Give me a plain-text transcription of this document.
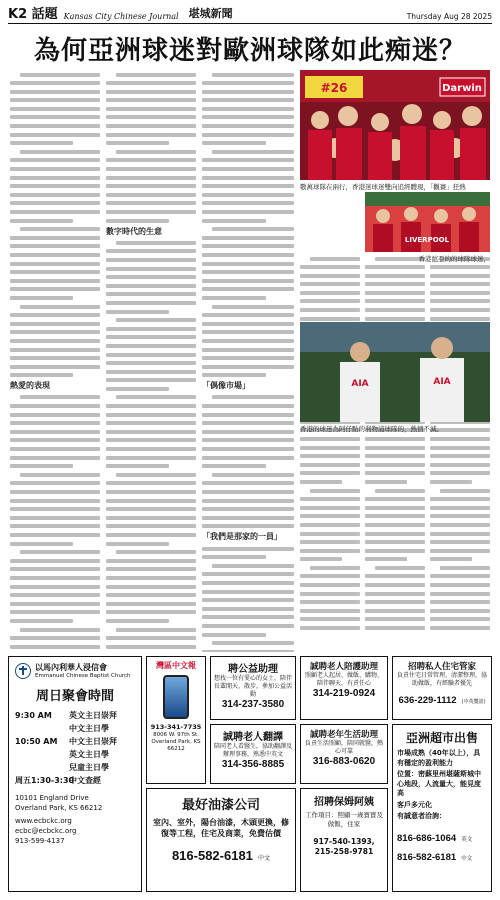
K2 話題 Kansas City Chinese Journal 堪城新聞	Thursday Aug 28 2025
為何亞洲球迷對歐洲球隊如此痴迷？
熱愛的表現
數字時代的生意
「偶像市場」
「我們是那家的一員」
#26	Darwin
數萬球隊在兩行，香港迷球迷雙向追經體現，「觀賽」狂熱
LIVERPOOL
香港滬亞的的球隊球迷，
AIA	AIA
香港的球迷為阿仔點的利物浦球隊的，熱情不減。
以馬內利華人浸信會
Emmanuel Chinese Baptist Church
周日聚會時間
9:30 AM	英文主日崇拜
中文主日學
10:50 AM	中文主日崇拜
英文主日學
兒童主日學
周五1:30-3:30
中文查經
10101 England Drive
Overland Park, KS 66212
www.ecbckc.org
ecbc@ecbckc.org
913-599-4137
灣區中文報
913-341-7735
8006 W. 97th St.
Overland Park, KS 66212
聘公益助理
想找一位有愛心的女士，陪伴長輩閒天、散步，參加公益活動
314-237-3580
誠聘老人陪護助理
照顧老人起居，做飯、購物，陪伴聊天，有責任心
314-219-0924
招聘私人住宅管家
負責住宅日常管理，清潔整理，協助做飯，有經驗者優先
636-229-1112 (中英雙語)
誠聘老人翻譯
陪同老人看醫生，協助翻譯及辦理事務，熟悉中英文
314-356-8885
誠聘老年生活助理
負責生活照顧，陪同就醫，熱心可靠
316-883-0620
亞洲超市出售
市場成熟（40年以上），具有穩定的盈利能力
位置：密蘇里州堪薩斯城中心地段，人流量大，能見度高
客戶多元化
有誠意者洽詢：
816-686-1064 英文
816-582-6181 中文
最好油漆公司
室內、室外，陽台油漆，木頭更換，修復等工程，住宅及商業，免費估價
816-582-6181 中文
招聘保姆阿姨
工作項目：照顧一歲寶寶及做飯，住家
917-540-1393, 215-258-9781
